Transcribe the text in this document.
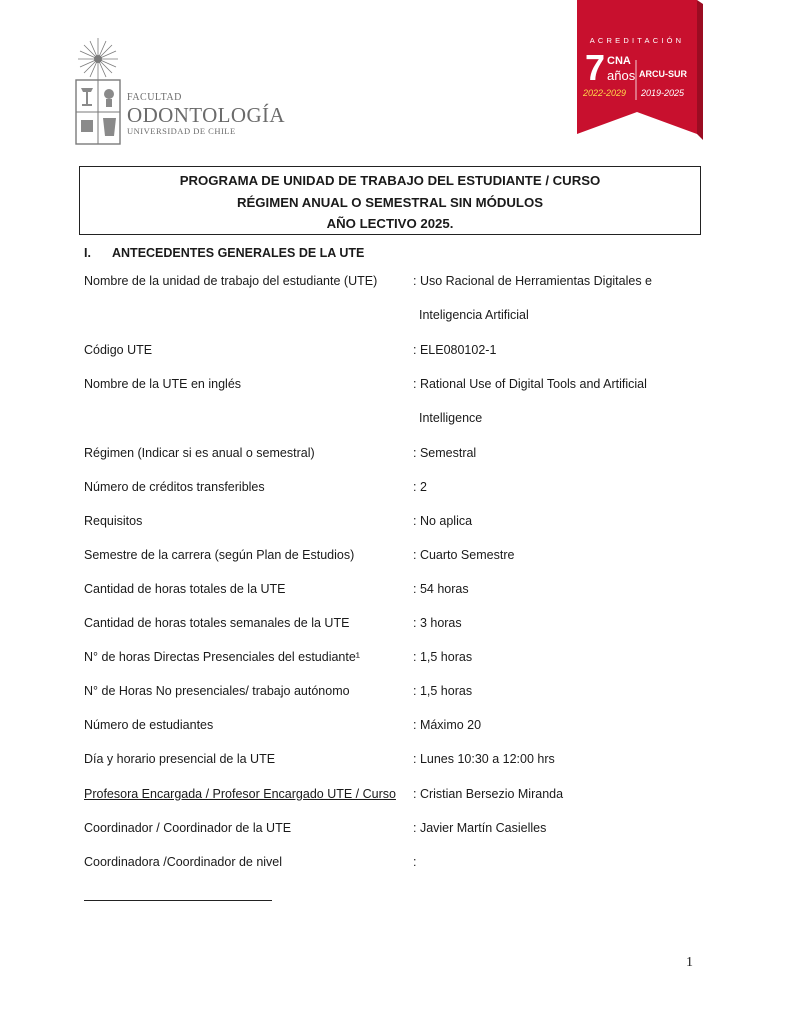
FACULTAD
ODONTOLOGÍA
UNIVERSIDAD DE CHILE
ACREDITACIÓN
7 CNA
años ARCU-SUR
2022-2029 2019-2025
PROGRAMA DE UNIDAD DE TRABAJO DEL ESTUDIANTE / CURSO
RÉGIMEN ANUAL O SEMESTRAL SIN MÓDULOS
AÑO LECTIVO 2025.
I. ANTECEDENTES GENERALES DE LA UTE
Nombre de la unidad de trabajo del estudiante (UTE)	: Uso Racional de Herramientas Digitales e
Inteligencia Artificial
Código UTE	: ELE080102-1
Nombre de la UTE en inglés	: Rational Use of Digital Tools and Artificial
Intelligence
Régimen (Indicar si es anual o semestral)	: Semestral
Número de créditos transferibles	: 2
Requisitos	: No aplica
Semestre de la carrera (según Plan de Estudios)	: Cuarto Semestre
Cantidad de horas totales de la UTE	: 54 horas
Cantidad de horas totales semanales de la UTE	: 3 horas
N° de horas Directas Presenciales del estudiante¹	: 1,5 horas
N° de Horas No presenciales/ trabajo autónomo	: 1,5 horas
Número de estudiantes	: Máximo 20
Día y horario presencial de la UTE	: Lunes 10:30 a 12:00 hrs
Profesora Encargada / Profesor Encargado UTE / Curso : Cristian Bersezio Miranda
Coordinador / Coordinador de la UTE	: Javier Martín Casielles
Coordinadora /Coordinador de nivel	:
1
